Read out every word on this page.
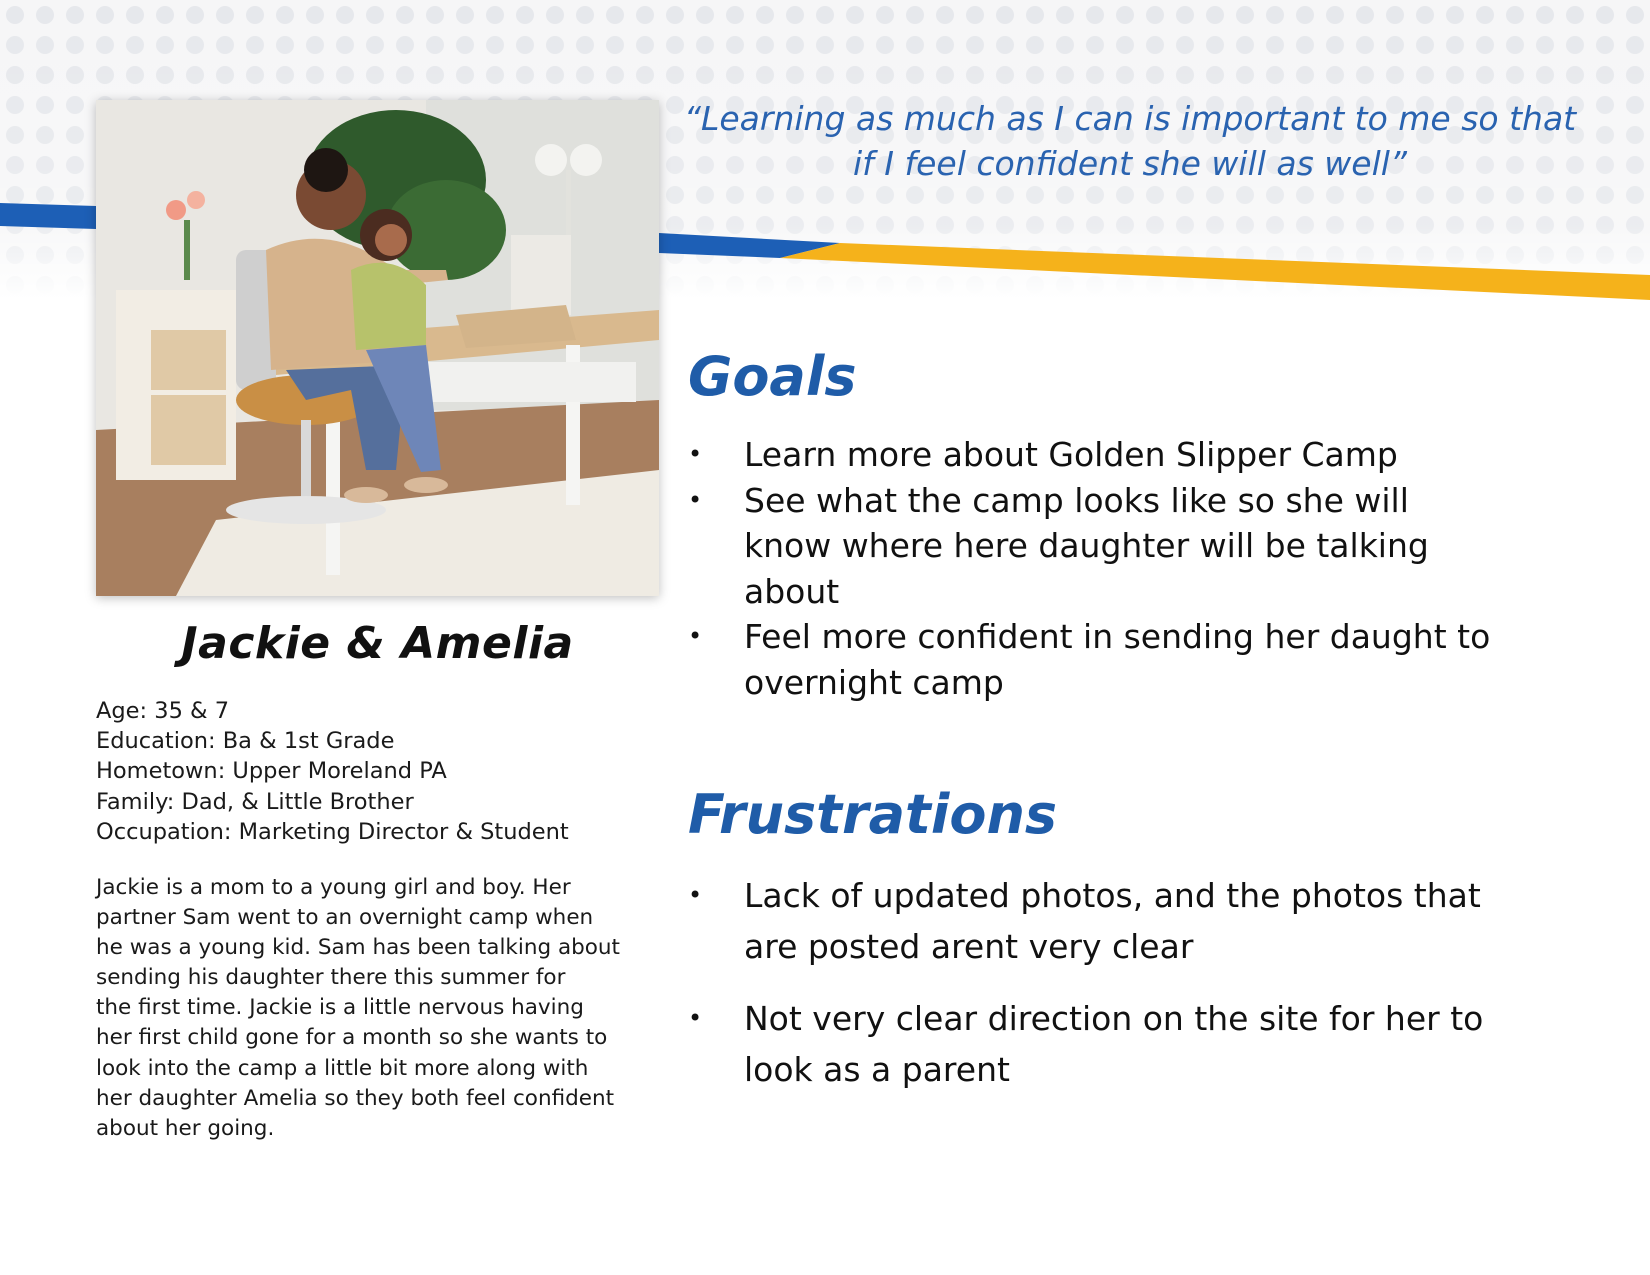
Jackie & Amelia
Age: 35 & 7
Education: Ba & 1st Grade
Hometown: Upper Moreland PA
Family: Dad, & Little Brother
Occupation: Marketing Director & Student
Jackie is a mom to a young girl and boy. Her
partner Sam went to an overnight camp when
he was a young kid. Sam has been talking about
sending his daughter there this summer for
the first time. Jackie is a little nervous having
her first child gone for a month so she wants to
look into the camp a little bit more along with
her daughter Amelia so they both feel confident
about her going.
“Learning as much as I can is important to me so that
if I feel confident she will as well”
Goals
• Learn more about Golden Slipper Camp
• See what the camp looks like so she will
know where here daughter will be talking
about
• Feel more confident in sending her daught to
overnight camp
Frustrations
• Lack of updated photos, and the photos that
are posted arent very clear
• Not very clear direction on the site for her to
look as a parent
